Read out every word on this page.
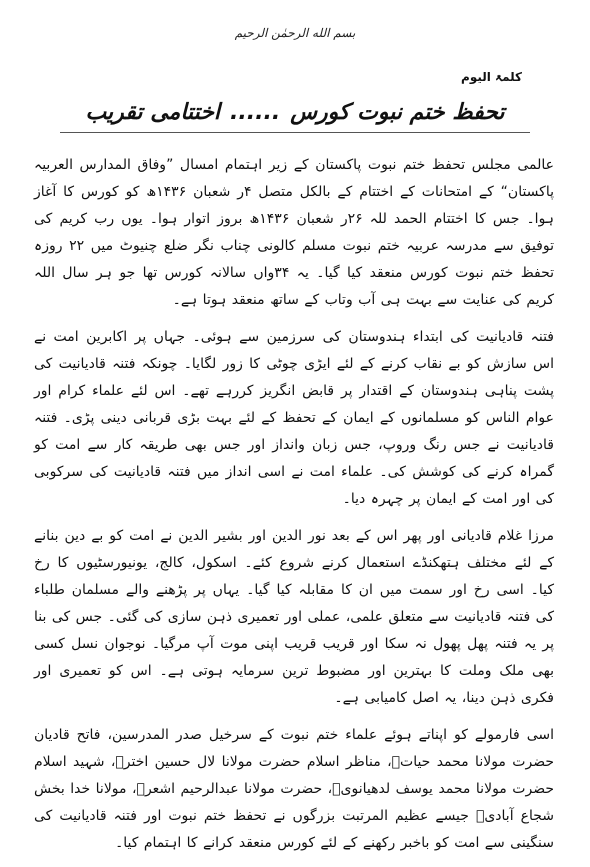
بسم الله الرحمٰن الرحیم
کلمۃ الیوم
تحفظ ختم نبوت کورس......اختتامی تقریب

عالمی مجلس تحفظ ختم نبوت پاکستان کے زیر اہتمام امسال ”وفاق المدارس العربیہ پاکستان“ کے امتحانات کے اختتام کے بالکل متصل ۴ر شعبان ۱۴۳۶ھ کو کورس کا آغاز ہوا۔ جس کا اختتام الحمد للہ ۲۶ر شعبان ۱۴۳۶ھ بروز اتوار ہوا۔ یوں رب کریم کی توفیق سے مدرسہ عربیہ ختم نبوت مسلم کالونی چناب نگر ضلع چنیوٹ میں ۲۲ روزہ تحفظ ختم نبوت کورس منعقد کیا گیا۔ یہ ۳۴واں سالانہ کورس تھا جو ہر سال اللہ کریم کی عنایت سے بہت ہی آب وتاب کے ساتھ منعقد ہوتا ہے۔

فتنہ قادیانیت کی ابتداء ہندوستان کی سرزمین سے ہوئی۔ جہاں پر اکابرین امت نے اس سازش کو بے نقاب کرنے کے لئے ایڑی چوٹی کا زور لگایا۔ چونکہ فتنہ قادیانیت کی پشت پناہی ہندوستان کے اقتدار پر قابض انگریز کررہے تھے۔ اس لئے علماء کرام اور عوام الناس کو مسلمانوں کے ایمان کے تحفظ کے لئے بہت بڑی قربانی دینی پڑی۔ فتنہ قادیانیت نے جس رنگ وروپ، جس زبان وانداز اور جس بھی طریقہ کار سے امت کو گمراہ کرنے کی کوشش کی۔ علماء امت نے اسی انداز میں فتنہ قادیانیت کی سرکوبی کی اور امت کے ایمان پر چہرہ دیا۔

مرزا غلام قادیانی اور پھر اس کے بعد نور الدین اور بشیر الدین نے امت کو بے دین بنانے کے لئے مختلف ہتھکنڈے استعمال کرنے شروع کئے۔ اسکول، کالج، یونیورسٹیوں کا رخ کیا۔ اسی رخ اور سمت میں ان کا مقابلہ کیا گیا۔ یہاں پر پڑھنے والے مسلمان طلباء کی فتنہ قادیانیت سے متعلق علمی، عملی اور تعمیری ذہن سازی کی گئی۔ جس کی بنا پر یہ فتنہ پھل پھول نہ سکا اور قریب قریب اپنی موت آپ مرگیا۔ نوجوان نسل کسی بھی ملک وملت کا بہترین اور مضبوط ترین سرمایہ ہوتی ہے۔ اس کو تعمیری اور فکری ذہن دینا، یہ اصل کامیابی ہے۔

اسی فارمولے کو اپناتے ہوئے علماء ختم نبوت کے سرخیل صدر المدرسین، فاتح قادیان حضرت مولانا محمد حیاتؒ، مناظر اسلام حضرت مولانا لال حسین اخترؒ، شہید اسلام حضرت مولانا محمد یوسف لدھیانویؒ، حضرت مولانا عبدالرحیم اشعرؒ، مولانا خدا بخش شجاع آبادیؒ جیسے عظیم المرتبت بزرگوں نے تحفظ ختم نبوت اور فتنہ قادیانیت کی سنگینی سے امت کو باخبر رکھنے کے لئے کورس منعقد کرانے کا اہتمام کیا۔
